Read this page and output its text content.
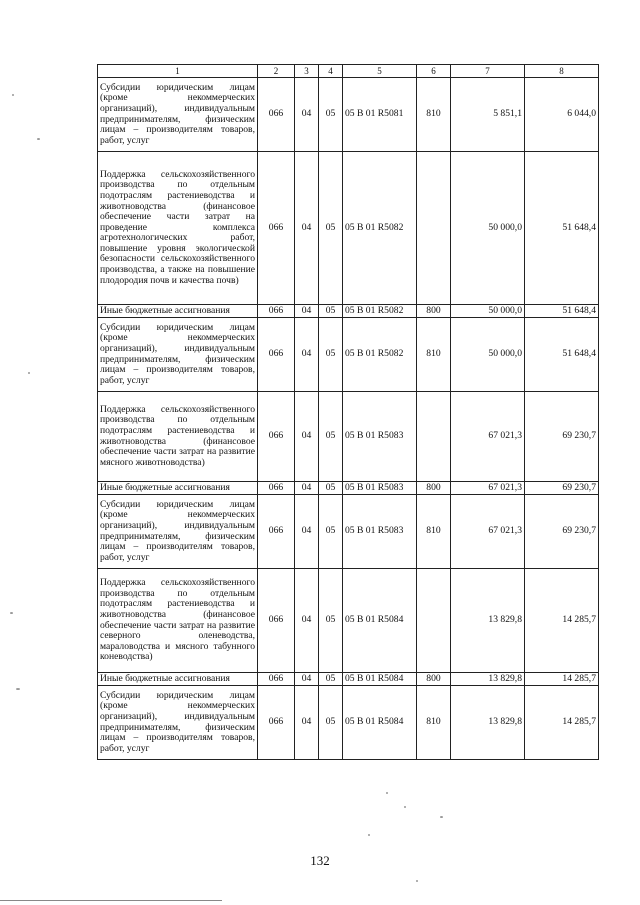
1	2	3	4	5	6	7	8
Субсидии юридическим лицам (кроме некоммерческих организаций), индивидуальным предпринимателям, физическим лицам – производителям товаров, работ, услуг	066	04	05	05 В 01 R5081	810	5 851,1	6 044,0
Поддержка сельскохозяйственного производства по отдельным подотраслям растениеводства и животноводства (финансовое обеспечение части затрат на проведение комплекса агротехнологических работ, повышение уровня экологической безопасности сельскохозяйственного производства, а также на повышение плодородия почв и качества почв)	066	04	05	05 В 01 R5082		50 000,0	51 648,4
Иные бюджетные ассигнования	066	04	05	05 В 01 R5082	800	50 000,0	51 648,4
Субсидии юридическим лицам (кроме некоммерческих организаций), индивидуальным предпринимателям, физическим лицам – производителям товаров, работ, услуг	066	04	05	05 В 01 R5082	810	50 000,0	51 648,4
Поддержка сельскохозяйственного производства по отдельным подотраслям растениеводства и животноводства (финансовое обеспечение части затрат на развитие мясного животноводства)	066	04	05	05 В 01 R5083		67 021,3	69 230,7
Иные бюджетные ассигнования	066	04	05	05 В 01 R5083	800	67 021,3	69 230,7
Субсидии юридическим лицам (кроме некоммерческих организаций), индивидуальным предпринимателям, физическим лицам – производителям товаров, работ, услуг	066	04	05	05 В 01 R5083	810	67 021,3	69 230,7
Поддержка сельскохозяйственного производства по отдельным подотраслям растениеводства и животноводства (финансовое обеспечение части затрат на развитие северного оленеводства, мараловодства и мясного табунного коневодства)	066	04	05	05 В 01 R5084		13 829,8	14 285,7
Иные бюджетные ассигнования	066	04	05	05 В 01 R5084	800	13 829,8	14 285,7
Субсидии юридическим лицам (кроме некоммерческих организаций), индивидуальным предпринимателям, физическим лицам – производителям товаров, работ, услуг	066	04	05	05 В 01 R5084	810	13 829,8	14 285,7
132
